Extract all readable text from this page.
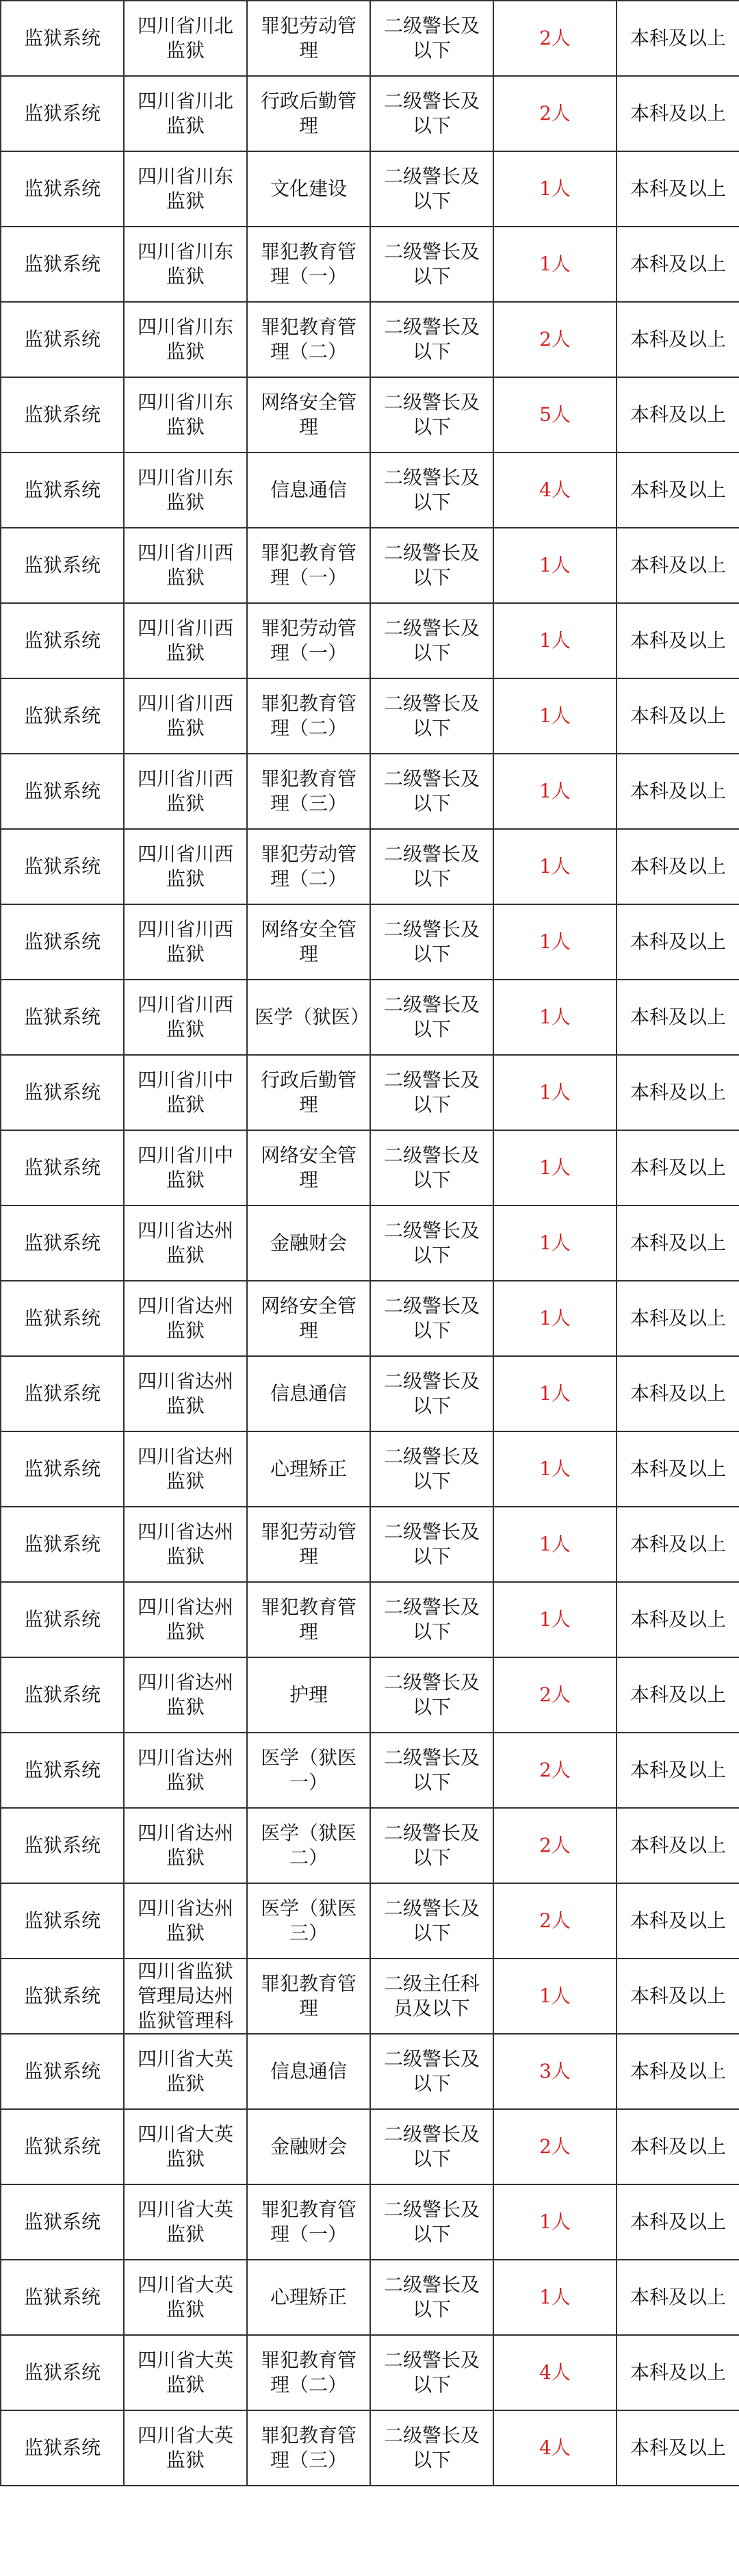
监狱系统	四川省川北监狱	罪犯劳动管理	二级警长及以下	2人	本科及以上
监狱系统	四川省川北监狱	行政后勤管理	二级警长及以下	2人	本科及以上
监狱系统	四川省川东监狱	文化建设	二级警长及以下	1人	本科及以上
监狱系统	四川省川东监狱	罪犯教育管理（一）	二级警长及以下	1人	本科及以上
监狱系统	四川省川东监狱	罪犯教育管理（二）	二级警长及以下	2人	本科及以上
监狱系统	四川省川东监狱	网络安全管理	二级警长及以下	5人	本科及以上
监狱系统	四川省川东监狱	信息通信	二级警长及以下	4人	本科及以上
监狱系统	四川省川西监狱	罪犯教育管理（一）	二级警长及以下	1人	本科及以上
监狱系统	四川省川西监狱	罪犯劳动管理（一）	二级警长及以下	1人	本科及以上
监狱系统	四川省川西监狱	罪犯教育管理（二）	二级警长及以下	1人	本科及以上
监狱系统	四川省川西监狱	罪犯教育管理（三）	二级警长及以下	1人	本科及以上
监狱系统	四川省川西监狱	罪犯劳动管理（二）	二级警长及以下	1人	本科及以上
监狱系统	四川省川西监狱	网络安全管理	二级警长及以下	1人	本科及以上
监狱系统	四川省川西监狱	医学（狱医）	二级警长及以下	1人	本科及以上
监狱系统	四川省川中监狱	行政后勤管理	二级警长及以下	1人	本科及以上
监狱系统	四川省川中监狱	网络安全管理	二级警长及以下	1人	本科及以上
监狱系统	四川省达州监狱	金融财会	二级警长及以下	1人	本科及以上
监狱系统	四川省达州监狱	网络安全管理	二级警长及以下	1人	本科及以上
监狱系统	四川省达州监狱	信息通信	二级警长及以下	1人	本科及以上
监狱系统	四川省达州监狱	心理矫正	二级警长及以下	1人	本科及以上
监狱系统	四川省达州监狱	罪犯劳动管理	二级警长及以下	1人	本科及以上
监狱系统	四川省达州监狱	罪犯教育管理	二级警长及以下	1人	本科及以上
监狱系统	四川省达州监狱	护理	二级警长及以下	2人	本科及以上
监狱系统	四川省达州监狱	医学（狱医一）	二级警长及以下	2人	本科及以上
监狱系统	四川省达州监狱	医学（狱医二）	二级警长及以下	2人	本科及以上
监狱系统	四川省达州监狱	医学（狱医三）	二级警长及以下	2人	本科及以上
监狱系统	四川省监狱管理局达州监狱管理科	罪犯教育管理	二级主任科员及以下	1人	本科及以上
监狱系统	四川省大英监狱	信息通信	二级警长及以下	3人	本科及以上
监狱系统	四川省大英监狱	金融财会	二级警长及以下	2人	本科及以上
监狱系统	四川省大英监狱	罪犯教育管理（一）	二级警长及以下	1人	本科及以上
监狱系统	四川省大英监狱	心理矫正	二级警长及以下	1人	本科及以上
监狱系统	四川省大英监狱	罪犯教育管理（二）	二级警长及以下	4人	本科及以上
监狱系统	四川省大英监狱	罪犯教育管理（三）	二级警长及以下	4人	本科及以上
